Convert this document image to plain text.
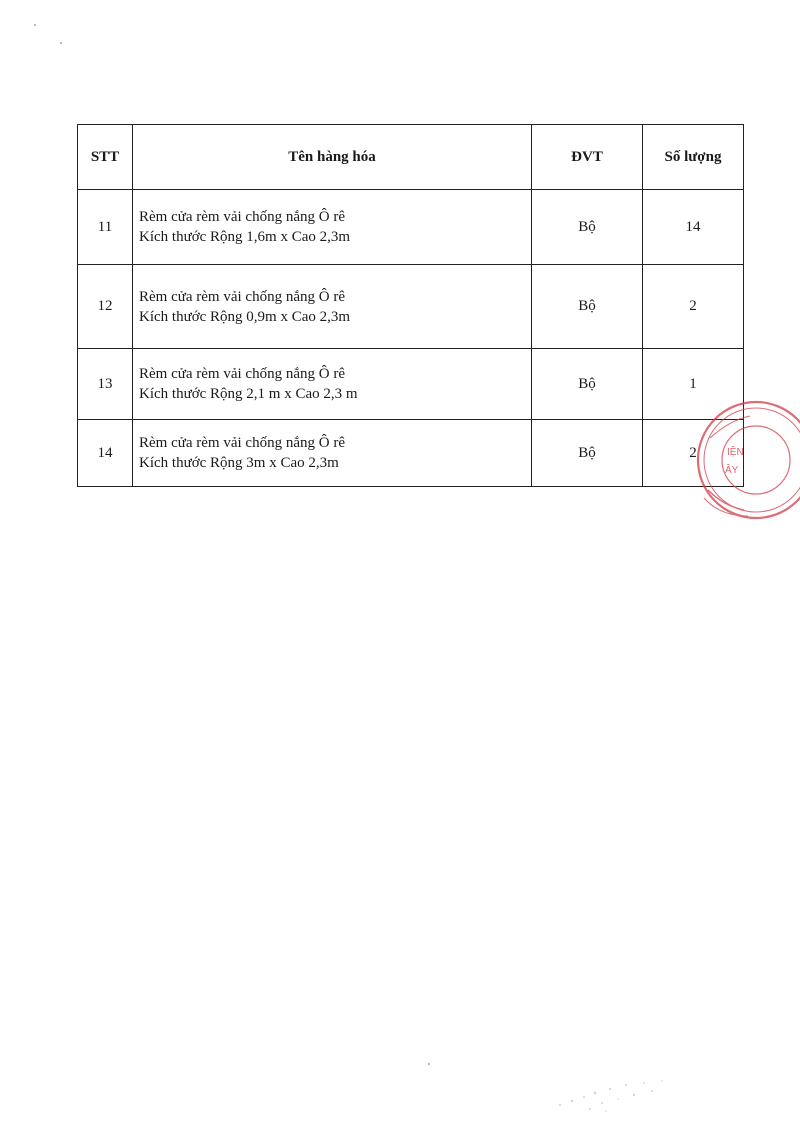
STT	Tên hàng hóa	ĐVT	Số lượng
11	Rèm cửa rèm vải chống nắng Ô rê
Kích thước Rộng 1,6m x Cao 2,3m	Bộ	14
12	Rèm cửa rèm vải chống nắng Ô rê
Kích thước Rộng 0,9m x Cao 2,3m	Bộ	2
13	Rèm cửa rèm vải chống nắng Ô rê
Kích thước Rộng 2,1 m x Cao 2,3 m	Bộ	1
14	Rèm cửa rèm vải chống nắng Ô rê
Kích thước Rộng 3m x Cao 2,3m	Bộ	2	IỆN
ÂY
